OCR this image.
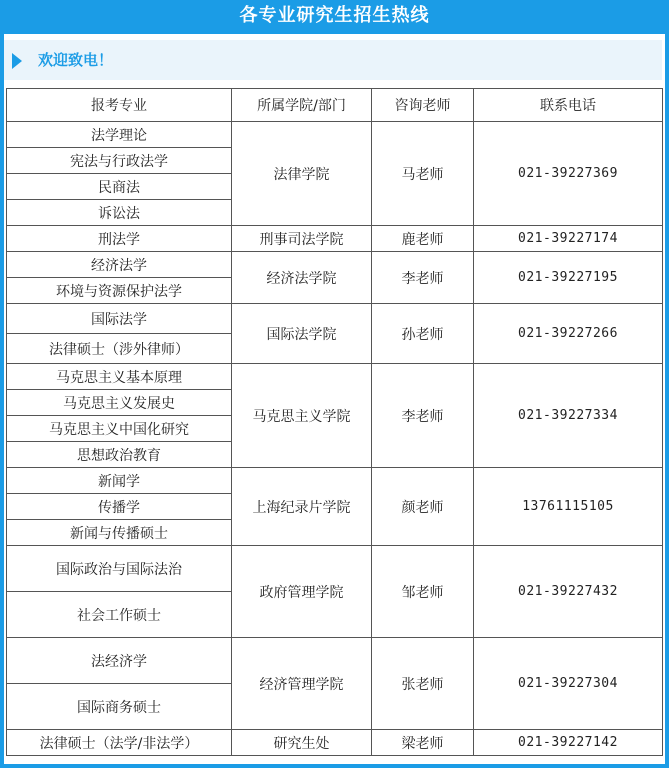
各专业研究生招生热线
欢迎致电！
报考专业	所属学院/部门	咨询老师	联系电话
法学理论	法律学院	马老师	021-39227369
宪法与行政法学			
民商法			
诉讼法			
刑法学	刑事司法学院	鹿老师	021-39227174
经济法学	经济法学院	李老师	021-39227195
环境与资源保护法学			
国际法学	国际法学院	孙老师	021-39227266
法律硕士（涉外律师）			
马克思主义基本原理	马克思主义学院	李老师	021-39227334
马克思主义发展史			
马克思主义中国化研究			
思想政治教育			
新闻学	上海纪录片学院	颜老师	13761115105
传播学			
新闻与传播硕士			
国际政治与国际法治	政府管理学院	邹老师	021-39227432
社会工作硕士			
法经济学	经济管理学院	张老师	021-39227304
国际商务硕士			
法律硕士（法学/非法学）	研究生处	梁老师	021-39227142
